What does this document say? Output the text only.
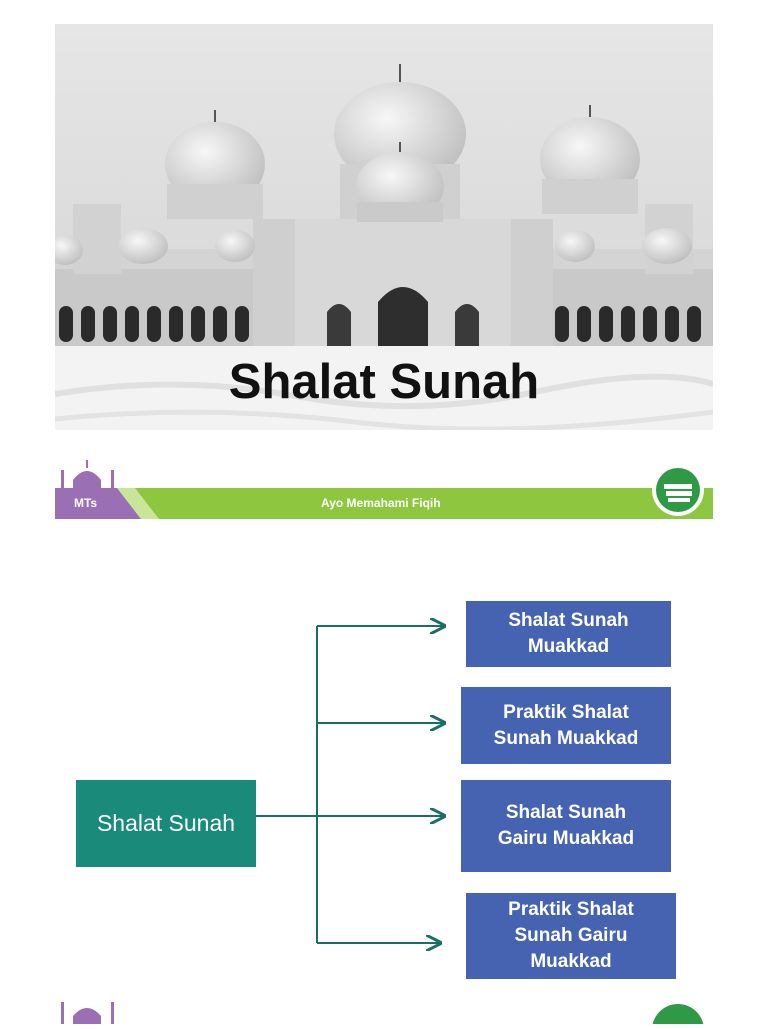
Shalat Sunah
MTs	Ayo Memahami Fiqih
Shalat Sunah
Shalat Sunah
Muakkad
Praktik Shalat
Sunah Muakkad
Shalat Sunah
Gairu Muakkad
Praktik Shalat
Sunah Gairu
Muakkad
